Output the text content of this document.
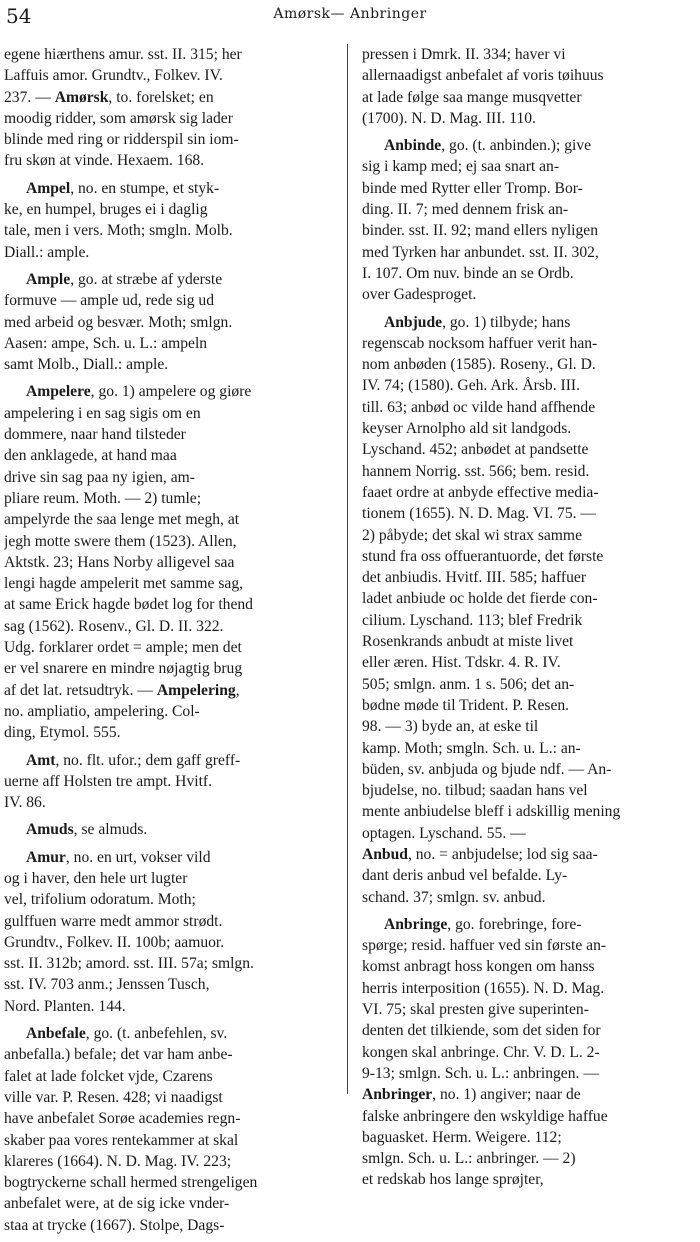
54	Amørsk— Anbringer
egene hiærthens amur. sst. II. 315; her
Laffuis amor. Grundtv., Folkev. IV.
237. — Amørsk, to. forelsket; en
moodig ridder, som amørsk sig lader
blinde med ring or ridderspil sin iom-
fru skøn at vinde. Hexaem. 168.
Ampel, no. en stumpe, et styk-
ke, en humpel, bruges ei i daglig
tale, men i vers. Moth; smgln. Molb.
Diall.: ample.
Ample, go. at stræbe af yderste
formuve — ample ud, rede sig ud
med arbeid og besvær. Moth; smlgn.
Aasen: ampe, Sch. u. L.: ampeln
samt Molb., Diall.: ample.
Ampelere, go. 1) ampelere og giøre
ampelering i en sag sigis om en
dommere, naar hand tilsteder
den anklagede, at hand maa
drive sin sag paa ny igien, am-
pliare reum. Moth. — 2) tumle;
ampelyrde the saa lenge met megh, at
jegh motte swere them (1523). Allen,
Aktstk. 23; Hans Norby alligevel saa
lengi hagde ampelerit met samme sag,
at same Erick hagde bødet log for thend
sag (1562). Rosenv., Gl. D. II. 322.
Udg. forklarer ordet = ample; men det
er vel snarere en mindre nøjagtig brug
af det lat. retsudtryk. — Ampelering,
no. ampliatio, ampelering. Col-
ding, Etymol. 555.
Amt, no. flt. ufor.; dem gaff greff-
uerne aff Holsten tre ampt. Hvitf.
IV. 86.
Amuds, se almuds.
Amur, no. en urt, vokser vild
og i haver, den hele urt lugter
vel, trifolium odoratum. Moth;
gulffuen warre medt ammor strødt.
Grundtv., Folkev. II. 100b; aamuor.
sst. II. 312b; amord. sst. III. 57a; smlgn.
sst. IV. 703 anm.; Jenssen Tusch,
Nord. Planten. 144.
Anbefale, go. (t. anbefehlen, sv.
anbefalla.) befale; det var ham anbe-
falet at lade folcket vjde, Czarens
ville var. P. Resen. 428; vi naadigst
have anbefalet Sorøe academies regn-
skaber paa vores rentekammer at skal
klareres (1664). N. D. Mag. IV. 223;
bogtryckerne schall hermed strengeligen
anbefalet were, at de sig icke vnder-
staa at trycke (1667). Stolpe, Dags-
pressen i Dmrk. II. 334; haver vi
allernaadigst anbefalet af voris tøihuus
at lade følge saa mange musqvetter
(1700). N. D. Mag. III. 110.
Anbinde, go. (t. anbinden.); give
sig i kamp med; ej saa snart an-
binde med Rytter eller Tromp. Bor-
ding. II. 7; med dennem frisk an-
binder. sst. II. 92; mand ellers nyligen
med Tyrken har anbundet. sst. II. 302,
I. 107. Om nuv. binde an se Ordb.
over Gadesproget.
Anbjude, go. 1) tilbyde; hans
regenscab nocksom haffuer verit han-
nom anbøden (1585). Roseny., Gl. D.
IV. 74; (1580). Geh. Ark. Årsb. III.
till. 63; anbød oc vilde hand affhende
keyser Arnolpho ald sit landgods.
Lyschand. 452; anbødet at pandsette
hannem Norrig. sst. 566; bem. resid.
faaet ordre at anbyde effective media-
tionem (1655). N. D. Mag. VI. 75. —
2) påbyde; det skal wi strax samme
stund fra oss offuerantuorde, det første
det anbiudis. Hvitf. III. 585; haffuer
ladet anbiude oc holde det fierde con-
cilium. Lyschand. 113; blef Fredrik
Rosenkrands anbudt at miste livet
eller æren. Hist. Tdskr. 4. R. IV.
505; smlgn. anm. 1 s. 506; det an-
bødne møde til Trident. P. Resen.
98. — 3) byde an, at eske til
kamp. Moth; smgln. Sch. u. L.: an-
büden, sv. anbjuda og bjude ndf. — An-
bjudelse, no. tilbud; saadan hans vel
mente anbiudelse bleff i adskillig mening
optagen. Lyschand. 55. —
Anbud, no. = anbjudelse; lod sig saa-
dant deris anbud vel befalde. Ly-
schand. 37; smlgn. sv. anbud.
Anbringe, go. forebringe, fore-
spørge; resid. haffuer ved sin første an-
komst anbragt hoss kongen om hanss
herris interposition (1655). N. D. Mag.
VI. 75; skal presten give superinten-
denten det tilkiende, som det siden for
kongen skal anbringe. Chr. V. D. L. 2-
9-13; smlgn. Sch. u. L.: anbringen. —
Anbringer, no. 1) angiver; naar de
falske anbringere den wskyldige haffue
baguasket. Herm. Weigere. 112;
smlgn. Sch. u. L.: anbringer. — 2)
et redskab hos lange sprøjter,
